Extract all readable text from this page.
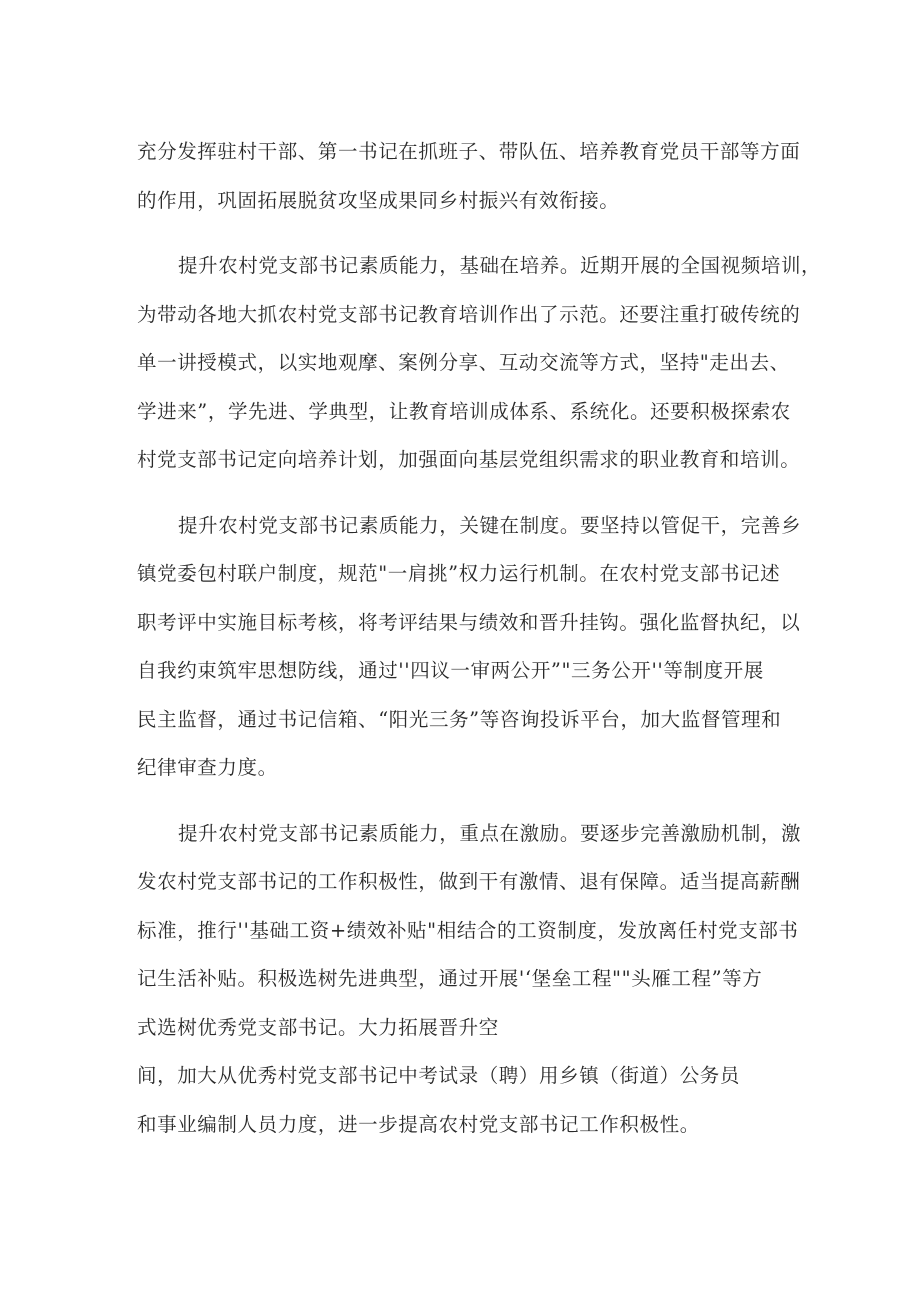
充分发挥驻村干部、第一书记在抓班子、带队伍、培养教育党员干部等方面
的作用，巩固拓展脱贫攻坚成果同乡村振兴有效衔接。

提升农村党支部书记素质能力，基础在培养。近期开展的全国视频培训，
为带动各地大抓农村党支部书记教育培训作出了示范。还要注重打破传统的
单一讲授模式，以实地观摩、案例分享、互动交流等方式，坚持"走出去、
学进来”，学先进、学典型，让教育培训成体系、系统化。还要积极探索农
村党支部书记定向培养计划，加强面向基层党组织需求的职业教育和培训。

提升农村党支部书记素质能力，关键在制度。要坚持以管促干，完善乡
镇党委包村联户制度，规范"一肩挑”权力运行机制。在农村党支部书记述
职考评中实施目标考核，将考评结果与绩效和晋升挂钩。强化监督执纪，以
自我约束筑牢思想防线，通过''四议一审两公开”"三务公开''等制度开展
民主监督，通过书记信箱、“阳光三务”等咨询投诉平台，加大监督管理和
纪律审查力度。

提升农村党支部书记素质能力，重点在激励。要逐步完善激励机制，激
发农村党支部书记的工作积极性，做到干有激情、退有保障。适当提高薪酬
标准，推行''基础工资+绩效补贴"相结合的工资制度，发放离任村党支部书
记生活补贴。积极选树先进典型，通过开展'‘堡垒工程""头雁工程”等方
式选树优秀党支部书记。大力拓展晋升空
间，加大从优秀村党支部书记中考试录（聘）用乡镇（街道）公务员
和事业编制人员力度，进一步提高农村党支部书记工作积极性。
